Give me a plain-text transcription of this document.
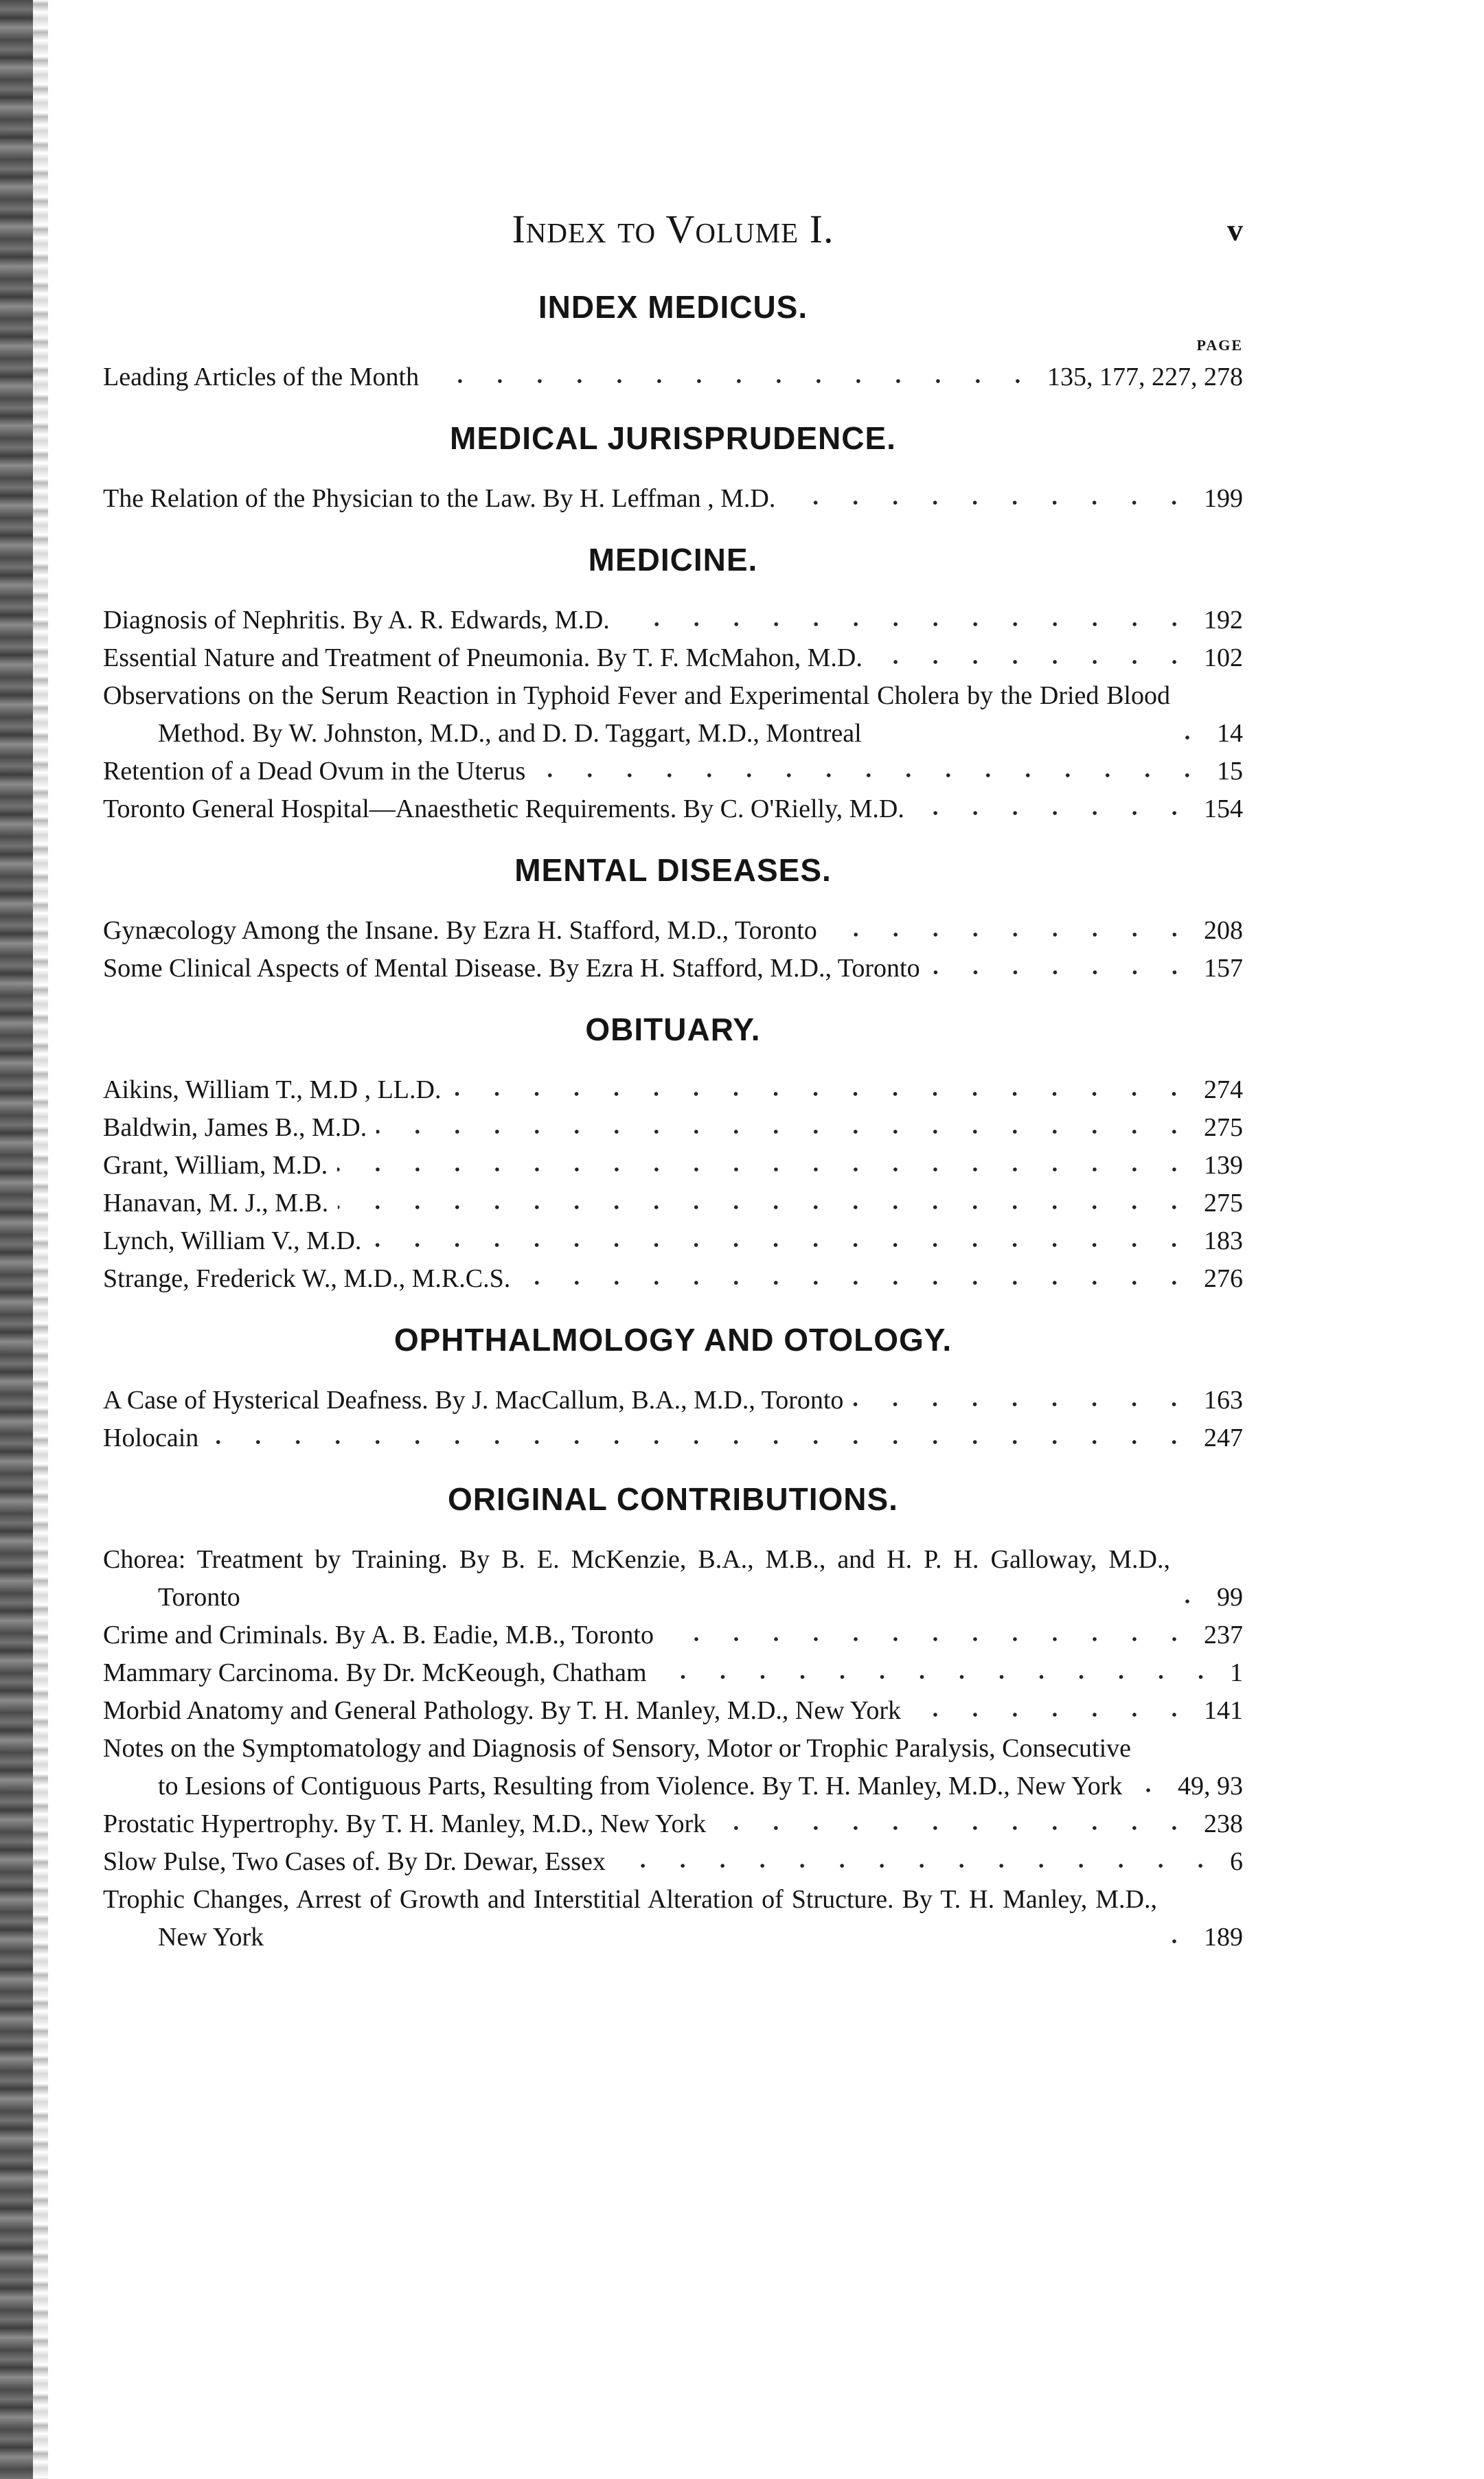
Index to Volume I.	v
INDEX MEDICUS.
PAGE
Leading Articles of the Month	135, 177, 227, 278
MEDICAL JURISPRUDENCE.
The Relation of the Physician to the Law. By H. Leffman , M.D.	199
MEDICINE.
Diagnosis of Nephritis. By A. R. Edwards, M.D.	192
Essential Nature and Treatment of Pneumonia. By T. F. McMahon, M.D.	102
Observations on the Serum Reaction in Typhoid Fever and Experimental Cholera by the Dried Blood Method. By W. Johnston, M.D., and D. D. Taggart, M.D., Montreal	14
Retention of a Dead Ovum in the Uterus	15
Toronto General Hospital—Anaesthetic Requirements. By C. O'Rielly, M.D.	154
MENTAL DISEASES.
Gynæcology Among the Insane. By Ezra H. Stafford, M.D., Toronto	208
Some Clinical Aspects of Mental Disease. By Ezra H. Stafford, M.D., Toronto	157
OBITUARY.
Aikins, William T., M.D , LL.D.	274
Baldwin, James B., M.D.	275
Grant, William, M.D.	139
Hanavan, M. J., M.B.	275
Lynch, William V., M.D.	183
Strange, Frederick W., M.D., M.R.C.S.	276
OPHTHALMOLOGY AND OTOLOGY.
A Case of Hysterical Deafness. By J. MacCallum, B.A., M.D., Toronto	163
Holocain	247
ORIGINAL CONTRIBUTIONS.
Chorea: Treatment by Training. By B. E. McKenzie, B.A., M.B., and H. P. H. Galloway, M.D., Toronto	99
Crime and Criminals. By A. B. Eadie, M.B., Toronto	237
Mammary Carcinoma. By Dr. McKeough, Chatham	1
Morbid Anatomy and General Pathology. By T. H. Manley, M.D., New York	141
Notes on the Symptomatology and Diagnosis of Sensory, Motor or Trophic Paralysis, Consecutive to Lesions of Contiguous Parts, Resulting from Violence. By T. H. Manley, M.D., New York	49, 93
Prostatic Hypertrophy. By T. H. Manley, M.D., New York	238
Slow Pulse, Two Cases of. By Dr. Dewar, Essex	6
Trophic Changes, Arrest of Growth and Interstitial Alteration of Structure. By T. H. Manley, M.D., New York	189
